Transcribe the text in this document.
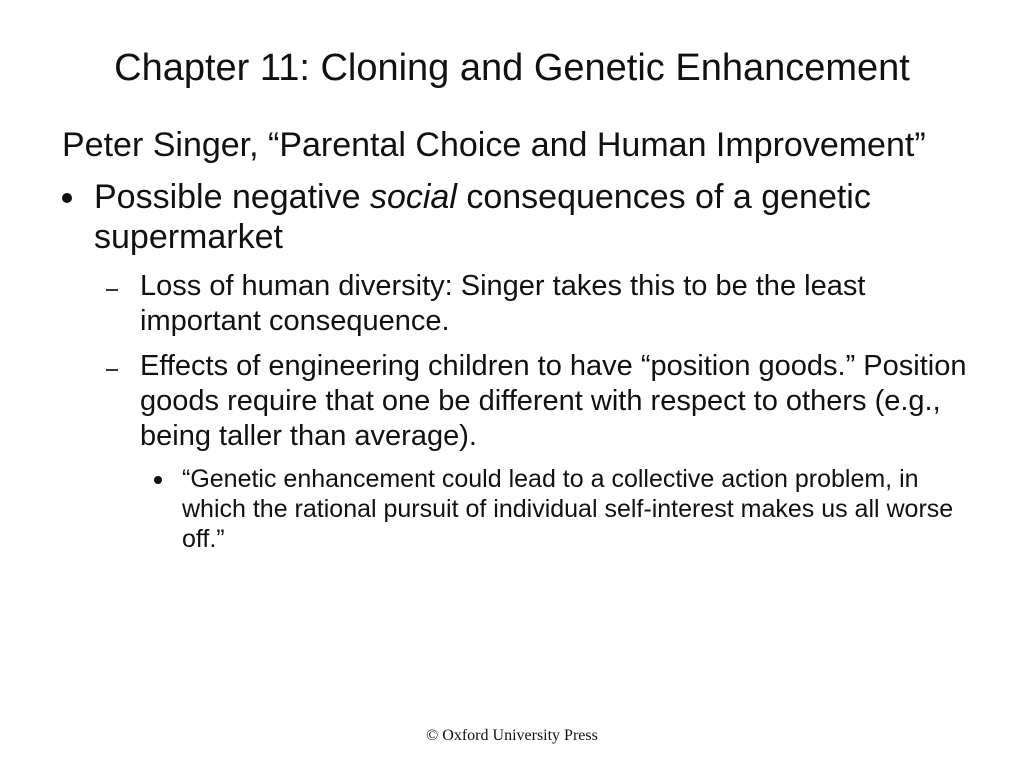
Chapter 11: Cloning and Genetic Enhancement

Peter Singer, “Parental Choice and Human Improvement”

Possible negative social consequences of a genetic supermarket
Loss of human diversity: Singer takes this to be the least important consequence.
Effects of engineering children to have “position goods.” Position goods require that one be different with respect to others (e.g., being taller than average).
“Genetic enhancement could lead to a collective action problem, in which the rational pursuit of individual self-interest makes us all worse off.”
© Oxford University Press
